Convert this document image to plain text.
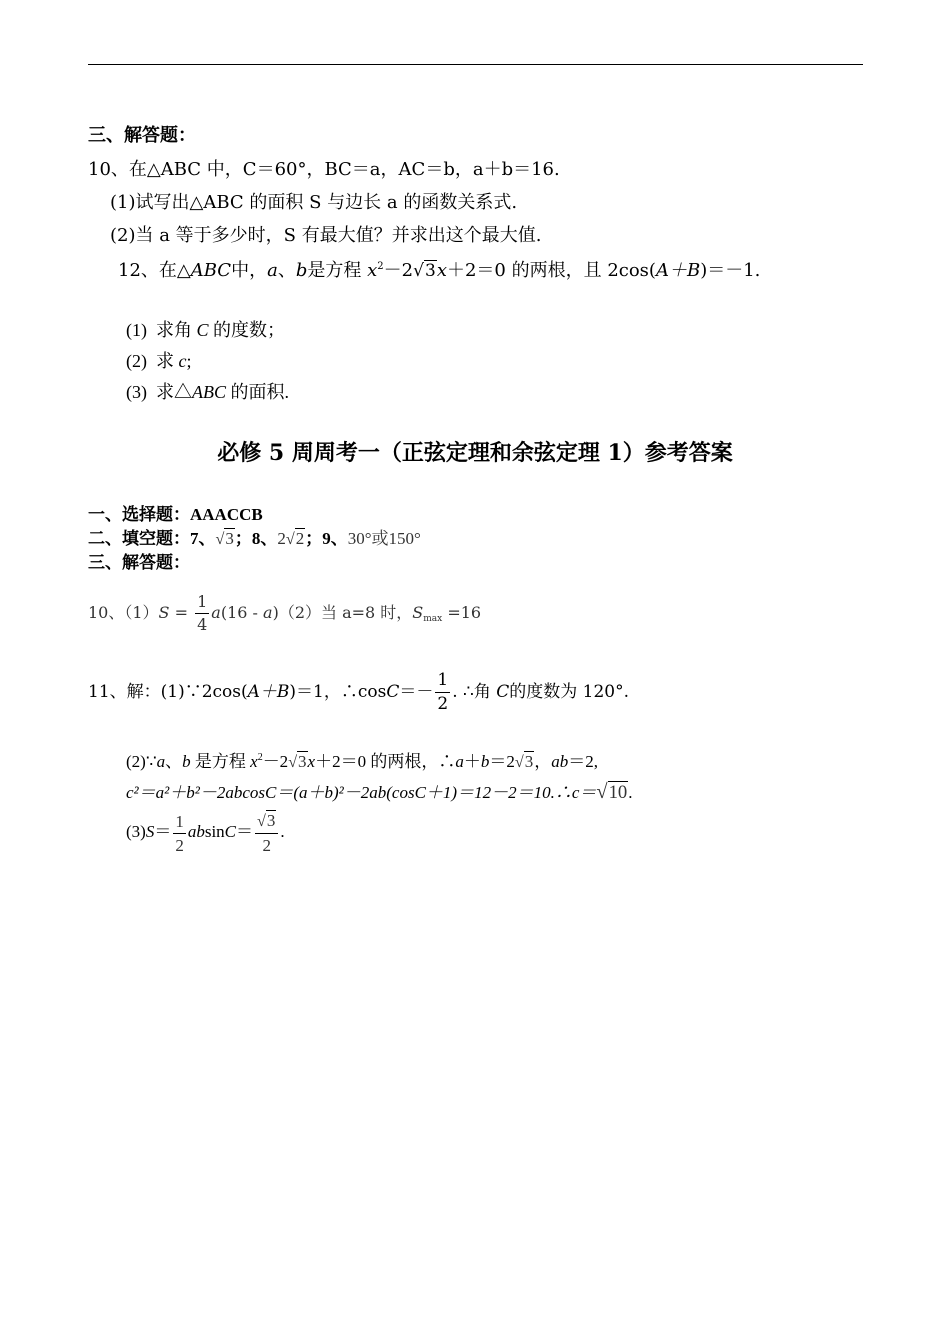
三、解答题：
10、在△ABC 中，C＝60°，BC＝a，AC＝b，a＋b＝16.
(1)试写出△ABC 的面积 S 与边长 a 的函数关系式.
(2)当 a 等于多少时，S 有最大值？并求出这个最大值.
12、在△ABC中，a、b是方程 $x^2-2√3x+2=0$ 的两根，且 2cos(A＋B)＝－1.
(1) 求角 C 的度数；
(2) 求 c;
(3) 求△ABC 的面积.
必修 5 周周考一（正弦定理和余弦定理 1）参考答案
一、选择题：AAACCB
二、填空题：7、√3；8、2√2；9、30°或150°
三、解答题：
10、$(1)S = \frac{1}{4} a(16 - a)(2)$当 a=8 时，$S_{max} =16$
11、解：(1)∵2cos(A＋B)＝1，∴cosC＝－ $\frac{1}{2}$ . ∴角 C的度数为 120°.
(2)∵a、b 是方程 $x^2-2√3x+2=0$ 的两根，∴a＋b＝2√3，ab＝2,
c²＝a²＋b²－2abcosC＝(a＋b)²－2ab(cosC＋1)＝12－2＝10.∴c＝√10.
$(3)S= \frac{1}{2} absinC= \frac{√3}{2}$ .
